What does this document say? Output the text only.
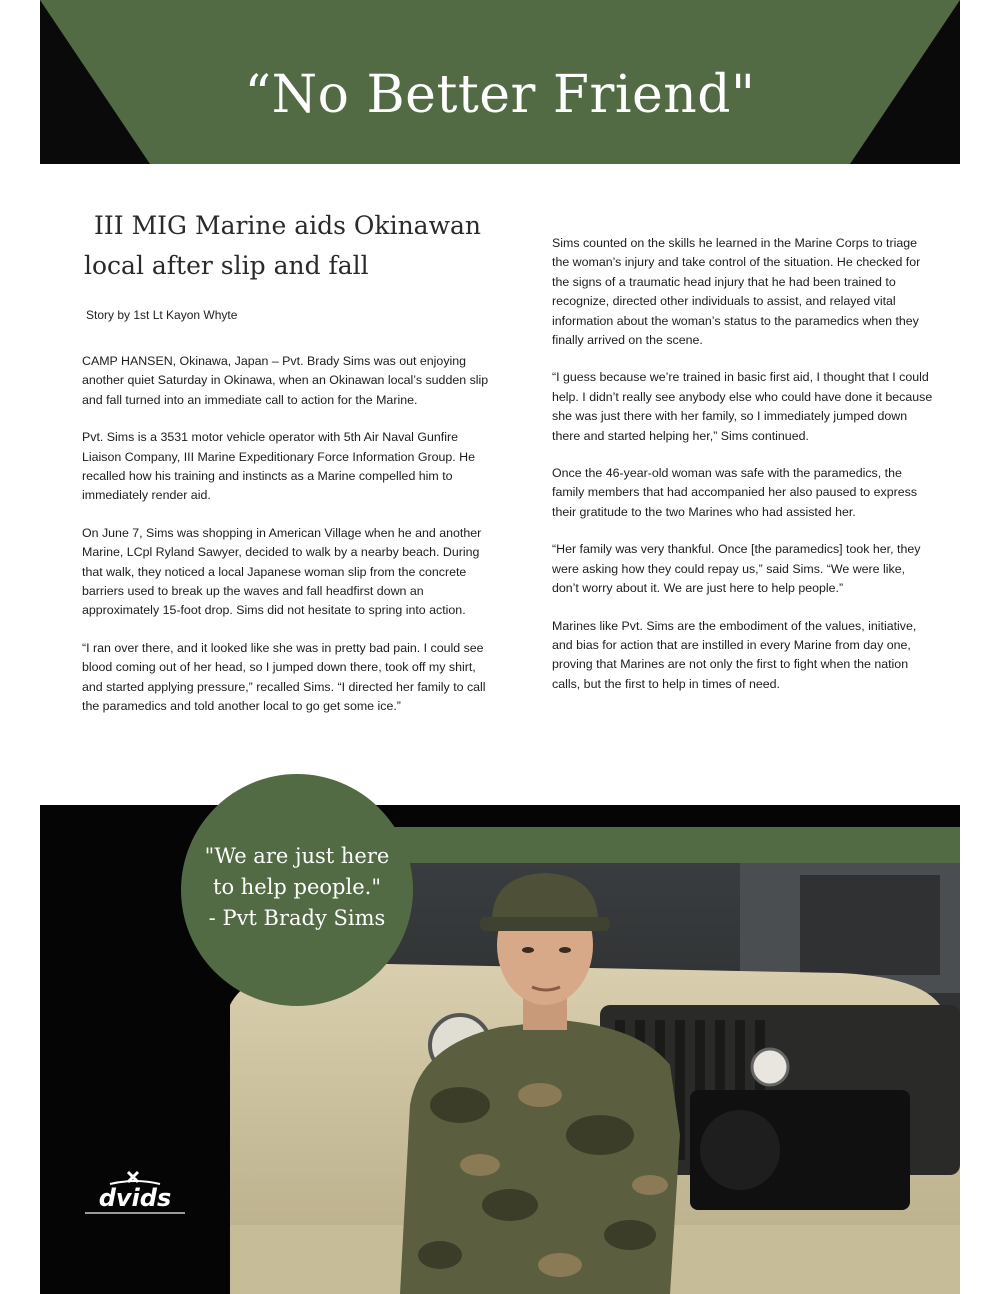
“No Better Friend"
III MIG Marine aids Okinawan
local after slip and fall
Story by 1st Lt Kayon Whyte

CAMP HANSEN, Okinawa, Japan – Pvt. Brady Sims was out enjoying another quiet Saturday in Okinawa, when an Okinawan local’s sudden slip and fall turned into an immediate call to action for the Marine.

Pvt. Sims is a 3531 motor vehicle operator with 5th Air Naval Gunfire Liaison Company, III Marine Expeditionary Force Information Group. He recalled how his training and instincts as a Marine compelled him to immediately render aid.

On June 7, Sims was shopping in American Village when he and another Marine, LCpl Ryland Sawyer, decided to walk by a nearby beach. During that walk, they noticed a local Japanese woman slip from the concrete barriers used to break up the waves and fall headfirst down an approximately 15-foot drop. Sims did not hesitate to spring into action.

“I ran over there, and it looked like she was in pretty bad pain. I could see blood coming out of her head, so I jumped down there, took off my shirt, and started applying pressure,” recalled Sims. “I directed her family to call the paramedics and told another local to go get some ice.”

Sims counted on the skills he learned in the Marine Corps to triage the woman’s injury and take control of the situation. He checked for the signs of a traumatic head injury that he had been trained to recognize, directed other individuals to assist, and relayed vital information about the woman’s status to the paramedics when they finally arrived on the scene.

“I guess because we’re trained in basic first aid, I thought that I could help. I didn’t really see anybody else who could have done it because she was just there with her family, so I immediately jumped down there and started helping her,” Sims continued.

Once the 46-year-old woman was safe with the paramedics, the family members that had accompanied her also paused to express their gratitude to the two Marines who had assisted her.

“Her family was very thankful. Once [the paramedics] took her, they were asking how they could repay us,” said Sims. “We were like, don’t worry about it. We are just here to help people.”

Marines like Pvt. Sims are the embodiment of the values, initiative, and bias for action that are instilled in every Marine from day one, proving that Marines are not only the first to fight when the nation calls, but the first to help in times of need.

"We are just here
to help people."
- Pvt Brady Sims
dvids
